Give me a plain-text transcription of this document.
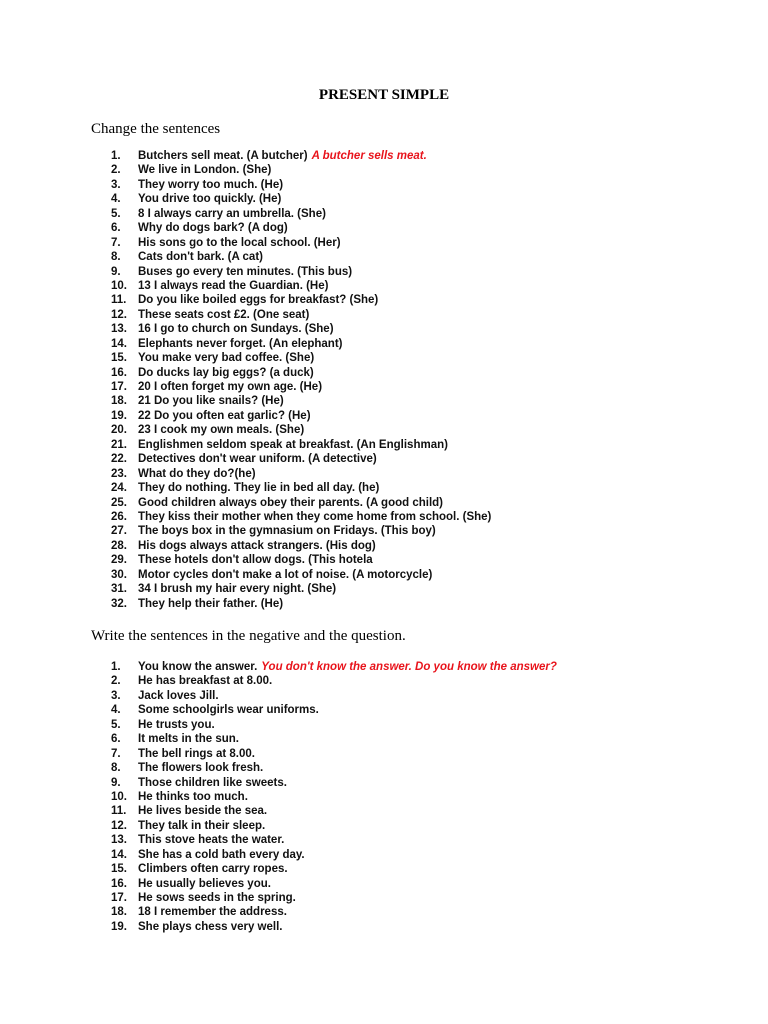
PRESENT SIMPLE
Change the sentences
1.	Butchers sell meat. (A butcher) A butcher sells meat.
2.	We live in London. (She)
3.	They worry too much. (He)
4.	You drive too quickly. (He)
5.	8 I always carry an umbrella. (She)
6.	Why do dogs bark? (A dog)
7.	His sons go to the local school. (Her)
8.	Cats don't bark. (A cat)
9.	Buses go every ten minutes. (This bus)
10. 13 I always read the Guardian. (He)
11.	Do you like boiled eggs for breakfast? (She)
12. These seats cost £2. (One seat)
13. 16 I go to church on Sundays. (She)
14. Elephants never forget. (An elephant)
15. You make very bad coffee. (She)
16. Do ducks lay big eggs? (a duck)
17. 20 I often forget my own age. (He)
18. 21 Do you like snails? (He)
19. 22 Do you often eat garlic? (He)
20. 23 I cook my own meals. (She)
21. Englishmen seldom speak at breakfast. (An Englishman)
22. Detectives don't wear uniform. (A detective)
23. What do they do?(he)
24. They do nothing. They lie in bed all day. (he)
25. Good children always obey their parents. (A good child)
26. They kiss their mother when they come home from school. (She)
27. The boys box in the gymnasium on Fridays. (This boy)
28. His dogs always attack strangers. (His dog)
29. These hotels don't allow dogs. (This hotela
30. Motor cycles don't make a lot of noise. (A motorcycle)
31. 34 I brush my hair every night. (She)
32. They help their father. (He)
Write the sentences in the negative and the question.
1.	You know the answer. You don't know the answer. Do you know the answer?
2.	He has breakfast at 8.00.
3.	Jack loves Jill.
4.	Some schoolgirls wear uniforms.
5.	He trusts you.
6.	It melts in the sun.
7.	The bell rings at 8.00.
8.	The flowers look fresh.
9.	Those children like sweets.
10. He thinks too much.
11.	He lives beside the sea.
12. They talk in their sleep.
13. This stove heats the water.
14. She has a cold bath every day.
15. Climbers often carry ropes.
16. He usually believes you.
17. He sows seeds in the spring.
18. 18 I remember the address.
19. She plays chess very well.
